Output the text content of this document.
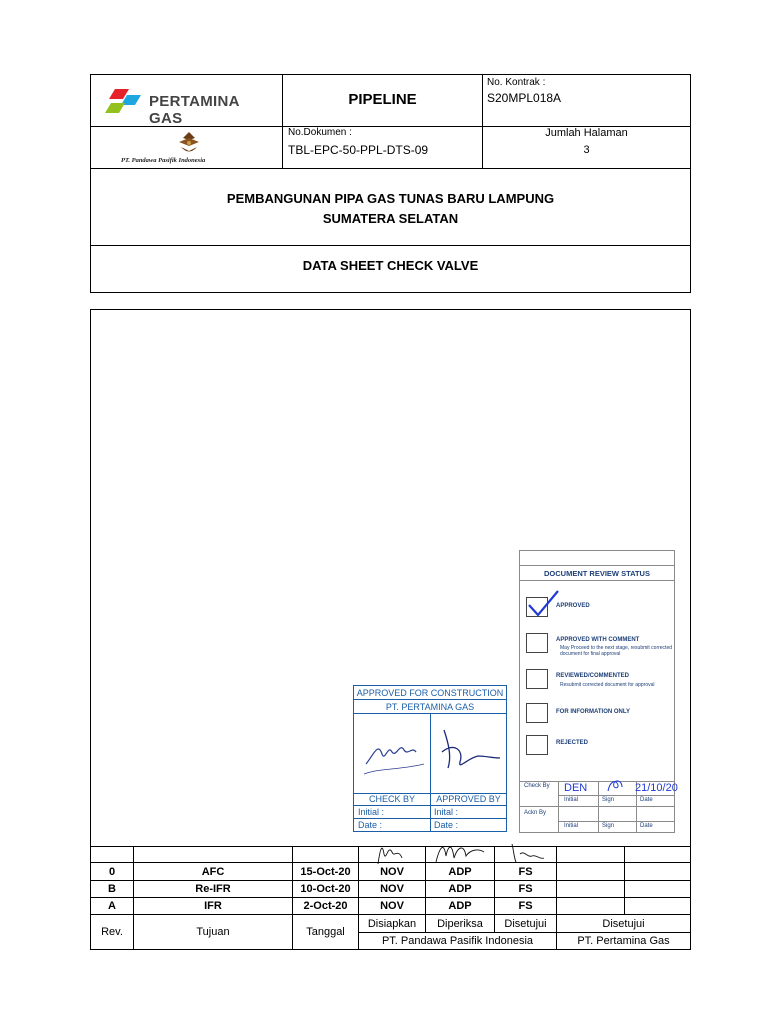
PERTAMINA GAS
PT. Pandawa Pasifik Indonesia
PIPELINE
No. Kontrak :
S20MPL018A
No.Dokumen :
TBL-EPC-50-PPL-DTS-09
Jumlah Halaman
3
PEMBANGUNAN PIPA GAS TUNAS BARU LAMPUNG
SUMATERA SELATAN
DATA SHEET CHECK VALVE
APPROVED FOR CONSTRUCTION
PT. PERTAMINA GAS
CHECK BY	APPROVED BY
Initial :	Inital :
Date :	Date :
DOCUMENT REVIEW STATUS
APPROVED
APPROVED WITH COMMENT
May Proceed to the next stage, resubmit corrected document for final approval
REVIEWED/COMMENTED
Resubmit corrected document for approval
FOR INFORMATION ONLY
REJECTED
Check By DEN	21/10/20
Initial	Sign	Date
Ackn By
Initial	Sign	Date
0	AFC	15-Oct-20	NOV	ADP	FS
B	Re-IFR	10-Oct-20	NOV	ADP	FS
A	IFR	2-Oct-20	NOV	ADP	FS
Rev.	Tujuan	Tanggal
Disiapkan	Diperiksa	Disetujui	Disetujui
PT. Pandawa Pasifik Indonesia	PT. Pertamina Gas
